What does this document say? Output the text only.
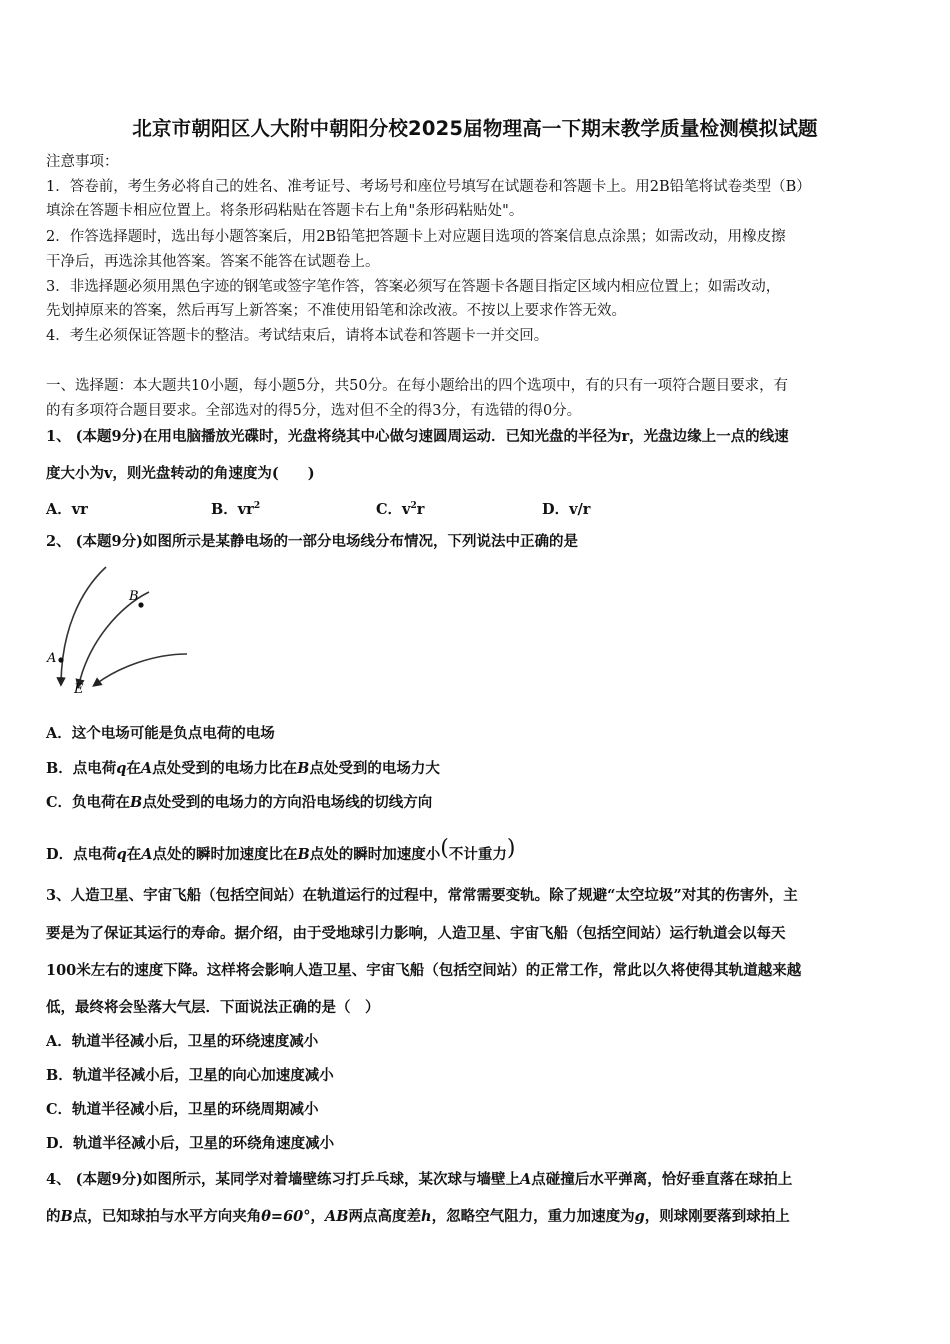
北京市朝阳区人大附中朝阳分校2025届物理高一下期末教学质量检测模拟试题
注意事项：
1．答卷前，考生务必将自己的姓名、准考证号、考场号和座位号填写在试题卷和答题卡上。用2B铅笔将试卷类型（B）
填涂在答题卡相应位置上。将条形码粘贴在答题卡右上角"条形码粘贴处"。
2．作答选择题时，选出每小题答案后，用2B铅笔把答题卡上对应题目选项的答案信息点涂黑；如需改动，用橡皮擦
干净后，再选涂其他答案。答案不能答在试题卷上。
3．非选择题必须用黑色字迹的钢笔或签字笔作答，答案必须写在答题卡各题目指定区域内相应位置上；如需改动，
先划掉原来的答案，然后再写上新答案；不准使用铅笔和涂改液。不按以上要求作答无效。
4．考生必须保证答题卡的整洁。考试结束后，请将本试卷和答题卡一并交回。
一、选择题：本大题共10小题，每小题5分，共50分。在每小题给出的四个选项中，有的只有一项符合题目要求，有
的有多项符合题目要求。全部选对的得5分，选对但不全的得3分，有选错的得0分。
1、 (本题9分)在用电脑播放光碟时，光盘将绕其中心做匀速圆周运动．已知光盘的半径为r，光盘边缘上一点的线速
度大小为v，则光盘转动的角速度为(　　)
A．vr	B．$vr^2$	C．$v^2r$	D．v/r
2、 (本题9分)如图所示是某静电场的一部分电场线分布情况，下列说法中正确的是
A
B
E
A．这个电场可能是负点电荷的电场
B．点电荷q在A点处受到的电场力比在B点处受到的电场力大
C．负电荷在B点处受到的电场力的方向沿电场线的切线方向
D．点电荷q在A点处的瞬时加速度比在B点处的瞬时加速度小(不计重力)
3、人造卫星、宇宙飞船（包括空间站）在轨道运行的过程中，常常需要变轨。除了规避“太空垃圾”对其的伤害外，主
要是为了保证其运行的寿命。据介绍，由于受地球引力影响，人造卫星、宇宙飞船（包括空间站）运行轨道会以每天
100米左右的速度下降。这样将会影响人造卫星、宇宙飞船（包括空间站）的正常工作，常此以久将使得其轨道越来越
低，最终将会坠落大气层．下面说法正确的是（　）
A．轨道半径减小后，卫星的环绕速度减小
B．轨道半径减小后，卫星的向心加速度减小
C．轨道半径减小后，卫星的环绕周期减小
D．轨道半径减小后，卫星的环绕角速度减小
4、 (本题9分)如图所示，某同学对着墙壁练习打乒乓球，某次球与墙壁上A点碰撞后水平弹离，恰好垂直落在球拍上
的B点，已知球拍与水平方向夹角θ=60°，AB两点高度差h，忽略空气阻力，重力加速度为g，则球刚要落到球拍上
